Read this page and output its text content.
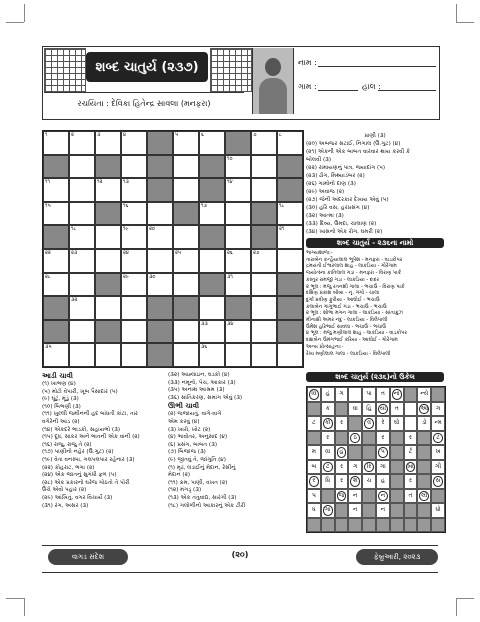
શબ્દ ચાતુર્ય (૨૩૭)
રચયિતા : દેવિકા હિતેન્દ્ર સાવલા (મનફરા)
નામ :
ગામ :	હાલ :
૧	૨	૩	૪	૫	૬	૭	૮
૧૦
૧૧	૧૨	૧૩	૧૪
૧૫	૧૬	૧૭	૧૮
૧૮	૧૯	૨૦	૨૧
૨૨	૨૩	૨૪	૨૫	૨૬	૨૭
૨૮	૨૯	૩૦	૩૧
૩૨
૩૩	૩૪
૩૫	૩૬
પ્રાણી (૩)
(૨૦) અબજર સટાઈ, નિગાલ (ઉ.ગુટ) (૪)
(૨૧) એકની એક બાબત વારંવાર થાય કરવી કે
બોલવી (૩)
(૨૨) રામાયણનું પાત્ર, જ્યાદાંગ (૫)
(૨૩) ઢોંગ, મિથ્યાડંબર (૨)
(૨૬) ગામોનો દાણ (૩)
(૨૯) અવાજ (૨)
(૨૭) જેની અંદરકાર દેખાય એવું (૫)
(૩૦) હરિ વસ, હરપ્રસંગ (૪)
(૩૨) આત્મા (૩)
(૩૩) દિવ્ય, ઉમદા, ચાલાણ (૨)
(૩૪) ખાસનો એક રોગ, ઘમરી (૨)
શબ્દ ચાતુર્ય - ૨૩૬ના નામો
ભાગ્યાશાળા:-
તારાબેન કન્હૈયાલાલ ભૂપેશ - મનફરા - વાડકોપર
દ્રમયંતી ઈશ્વરલાલ શાહ - લાકડિયા - ગોરેગામ
જયોત્સ્ના કાંતિલાલ ગડા - મનફરા - વિરાણ પાર્ક
કસ્તુર રામજી ગડા - લાકડિયા - દાદર
૨ ભૂલ : મંજુ રતનશી ગાલા - ભચાઉ - વિરાણ પાર્ક
દક્ષિણ પ્રકાશ બીબા - નૃ. ગંગો - ચાલા
દુર્ગા પ્રવીણ ફુરીયા - આઘોઈ - ભચાઉ
કલાબેન ગાંગુભાઈ ગડા - ભચાઉ - ભચાઉ
૨ ભૂલ : શોભા મગન ગાલા - લાકડિયા - સાંતાક્રુઝ
મીનાક્ષી અમર નંદુ - લાકડિયા - વિલેપાર્લા
ઉમેશ હરિભાઈ સાવલા - ભચાઉ - ભચાઉ
૪ ભૂલ : મંજુ મણીલાલ શાહ - લાકડિયા - વાડકોપર
દક્ષાબેન ઉમંગભાઈ કરિયા - આઘોઈ - ગોરેગામ
અન્ય પ્રોત્સાહના:-
રેખા મણીલાલ ગાલા - લાકડિયા - વિલેપાર્લા
આડી ચાવી
(૧) ખાભણ (૪)
(૫) મોટો વેપારી, ખૂબ પૈસાદાર (૫)
(૯) ઘૂંટું, મૂંડું (૩)
(૧૦) બિભણી (૩)
(૧૧) ખુલ્લી જમીનની હદ બાંધતી કાંટા, તાર
વગેરેની આડ (૨)
(૧૪) એકદરે ભાડકો, સહાયભો (૩)
(૧૫) દૂધ, સાકર અને ભાતની એક વાની (૨)
(૧૬) રાજુ, રાજુ તે (૨)
(૧૭) પાણીનો નહેર (ઉ.ગુટ) (૨)
(૧૯) વેતા વનસ્પા, ગલપલપાર રહેનાર (૩)
(૨૨) કોહરાટ, ભગા (૨)
(૨૪) એક જાતનું સુગંધી ફળ (૫)
(૨૮) એક પ્રકારનો ઘરેજ ગોઠતો તે પોરી
ઉંચે એવો પહાર (૨)
(૨૯) આંખિતું, વગર વિચાર્યે (૩)
(૩૧) રંગ, અસર (૩)
(૩૨) આહ્લાઇન, ઘડકો (૪)
(૩૩) નમૂનો, પેચ, આકાર (૩)
(૩૫) અનાથ આશ્રમ (૩)
(૩૬) સાંતિકરણ, સમાંગ એવું (૩)
ઊભી ચાવી
(૨) જજાયતું, વાગે-વાગે
એમ કરવું (૪)
(૩) ખારો, ખોટ (૨)
(૪) ભાવોતર, અનુસાદ (૪)
(૬) પ્રસંગ, બાબત (૩)
(૭) બિજાજ (૩)
(૯) જીતવું તે, જાંગુતિ (૪)
(૧) મૃઢ, લડાઈનું મેદાન, રેસીનું
મેદાન (૨)
(૧૧) ક્રમ, પાણી, વખત (૨)
(૧૨) મંગડ્ર (૩)
(૧૩) એક તંતુવાદ્ય, સારંગી (૩)
(૧૮) ગલોળીનો આકારનું એક ટીરી
શબ્દ ચાતુર્ય (૨૩૬)નો ઉકેલ
વિ હં ગ	પા ત ના	ન્યે
ક	વા હિ યા ત	આ ગ
ટ કો ર	વ રે ઘો	ડો ન્મ
ર	ઠ	ર	ર	ટ
મ વા હ	પ	ર્ટ	ખ
બ ટ ર ગ રિ ગા	ખા	ગી
ર ધિ ર શ ચ હ	ર	સ
પ	જ ન	ન	ત લો
ધ ગા	ન	ન	ધો
વાગડ સંદેશ	(૨૦)	ફેબ્રુઆરી, ૨૦૨૩
